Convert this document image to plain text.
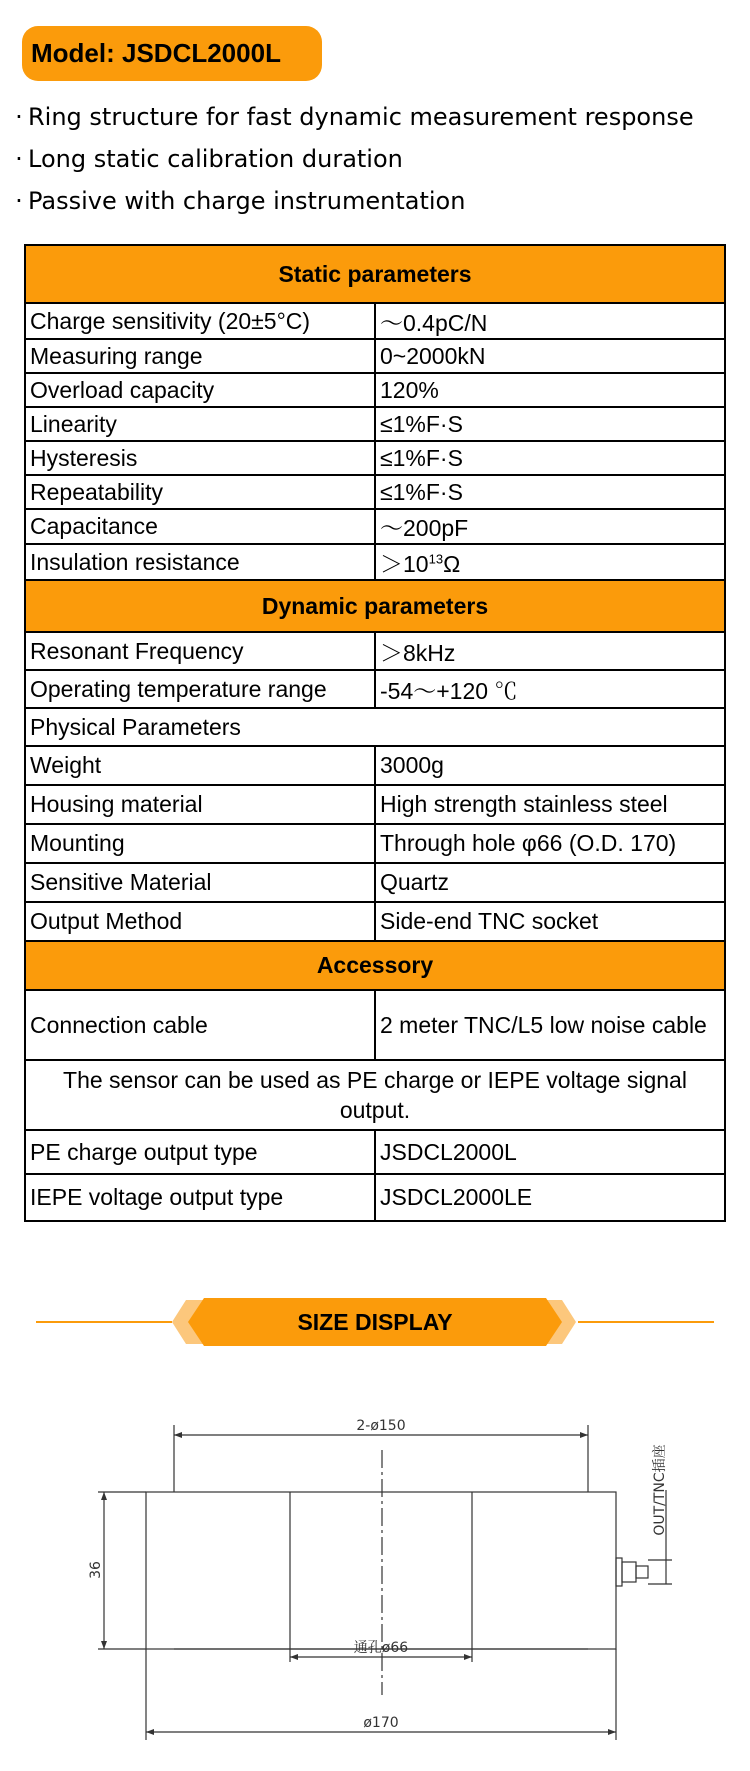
Model: JSDCL2000L
· Ring structure for fast dynamic measurement response
· Long static calibration duration
· Passive with charge instrumentation
Static parameters	
Charge sensitivity (20±5°C)	～0.4pC/N
Measuring range	0~2000kN
Overload capacity	120%
Linearity	≤1%F·S
Hysteresis	≤1%F·S
Repeatability	≤1%F·S
Capacitance	～200pF
Insulation resistance	$>10^{13}\Omega$
Dynamic parameters	
Resonant Frequency	＞8kHz
Operating temperature range	-54～+120 ℃
Physical Parameters	
Weight	3000g
Housing material	High strength stainless steel
Mounting	Through hole φ66 (O.D. 170)
Sensitive Material	Quartz
Output Method	Side-end TNC socket
Accessory	
Connection cable	2 meter TNC/L5 low noise cable
The sensor can be used as PE charge or IEPE voltage signal output.	
PE charge output type	JSDCL2000L
IEPE voltage output type	JSDCL2000LE
SIZE DISPLAY
2-ø150
通孔ø66
ø170
36
OUT/TNC插座
